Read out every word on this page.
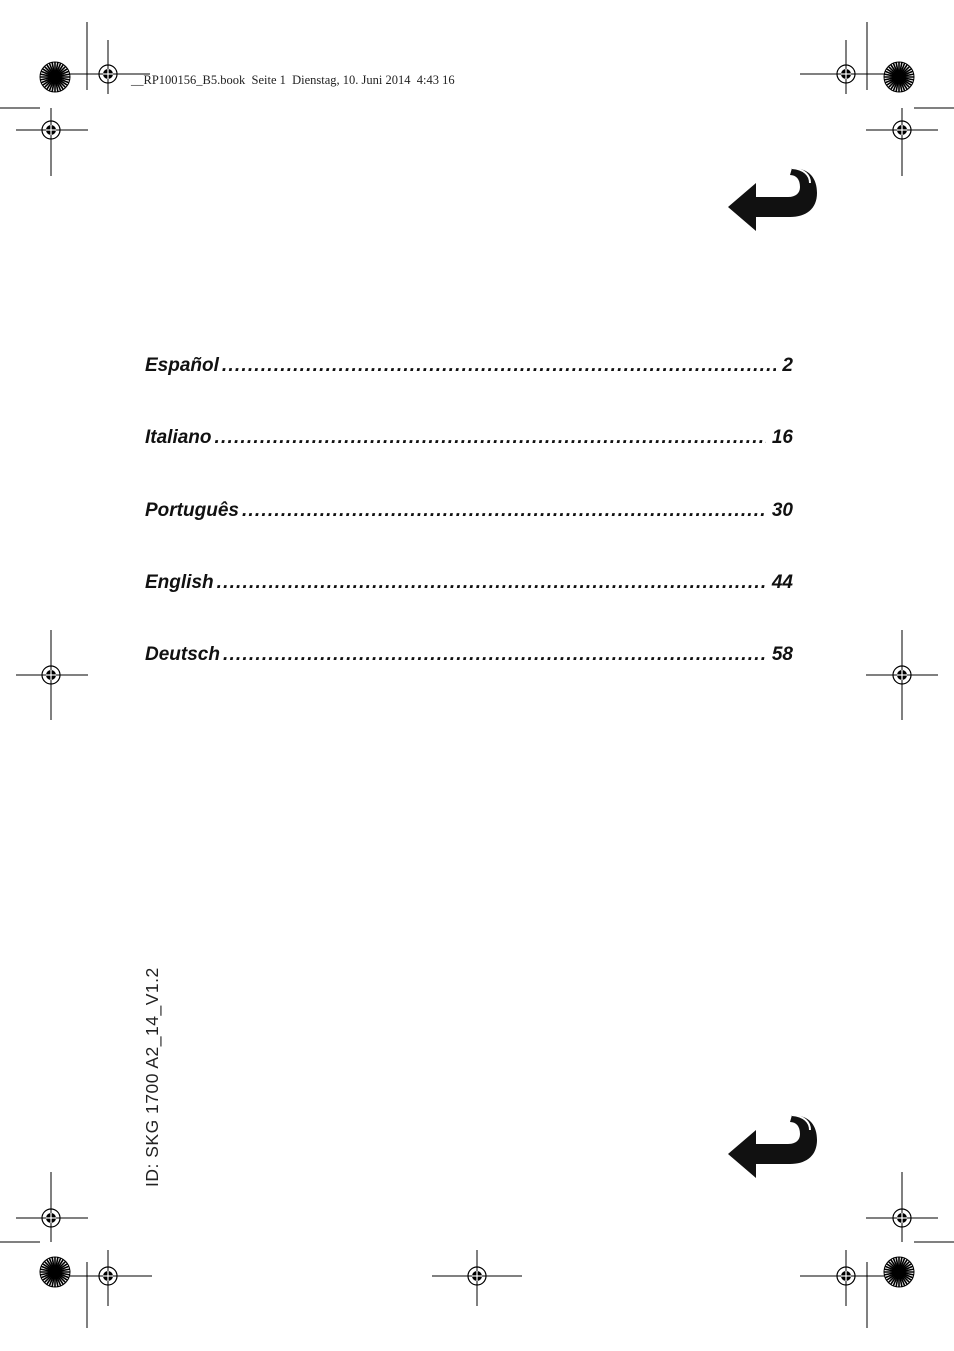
__RP100156_B5.book  Seite 1  Dienstag, 10. Juni 2014  4:43 16
Español .....	2
Italiano .....	16
Português .....	30
English .....	44
Deutsch .....	58
ID: SKG 1700 A2_14_V1.2
